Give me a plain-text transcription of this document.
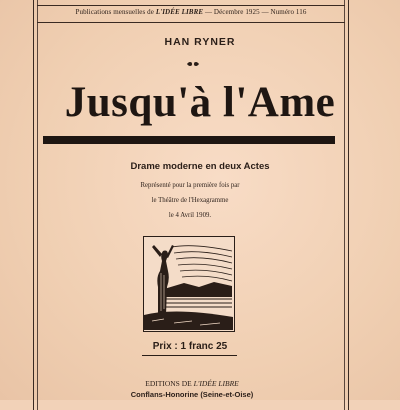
Publications mensuelles de L'IDÉE LIBRE — Décembre 1925 — Numéro 116
HAN RYNER
Jusqu'à l'Ame
Drame moderne en deux Actes
Représenté pour la première fois par
le Théâtre de l'Hexagramme
le 4 Avril 1909.
Prix : 1 franc 25
EDITIONS DE L'IDÉE LIBRE
Conflans-Honorine (Seine-et-Oise)
